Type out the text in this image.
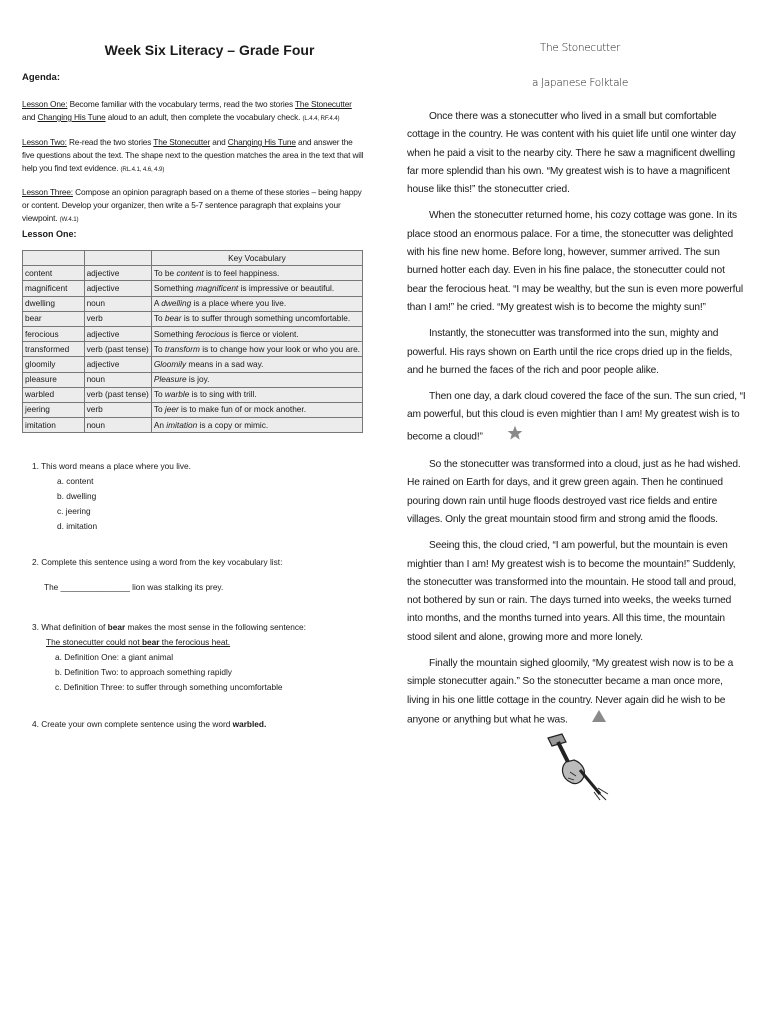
Week Six Literacy – Grade Four
Agenda:
Lesson One: Become familiar with the vocabulary terms, read the two stories The Stonecutter and Changing His Tune aloud to an adult, then complete the vocabulary check. (L.4.4, RF.4.4)
Lesson Two: Re-read the two stories The Stonecutter and Changing His Tune and answer the five questions about the text. The shape next to the question matches the area in the text that will help you find text evidence. (RL.4.1, 4.6, 4.9)
Lesson Three: Compose an opinion paragraph based on a theme of these stories – being happy or content. Develop your organizer, then write a 5-7 sentence paragraph that explains your viewpoint. (W.4.1)
Lesson One:
		Key Vocabulary
content	adjective	To be content is to feel happiness.
magnificent	adjective	Something magnificent is impressive or beautiful.
dwelling	noun	A dwelling is a place where you live.
bear	verb	To bear is to suffer through something uncomfortable.
ferocious	adjective	Something ferocious is fierce or violent.
transformed	verb (past tense)	To transform is to change how your look or who you are.
gloomily	adjective	Gloomily means in a sad way.
pleasure	noun	Pleasure is joy.
warbled	verb (past tense)	To warble is to sing with trill.
jeering	verb	To jeer is to make fun of or mock another.
imitation	noun	An imitation is a copy or mimic.
1. This word means a place where you live.
a. content
b. dwelling
c. jeering
d. imitation
2. Complete this sentence using a word from the key vocabulary list:
The _______________ lion was stalking its prey.
3. What definition of bear makes the most sense in the following sentence:
The stonecutter could not bear the ferocious heat.
a. Definition One: a giant animal
b. Definition Two: to approach something rapidly
c. Definition Three: to suffer through something uncomfortable
4. Create your own complete sentence using the word warbled.
The Stonecutter
a Japanese Folktale

Once there was a stonecutter who lived in a small but comfortable cottage in the country. He was content with his quiet life until one winter day when he paid a visit to the nearby city. There he saw a magnificent dwelling far more splendid than his own. “My greatest wish is to have a magnificent house like this!” the stonecutter cried.

When the stonecutter returned home, his cozy cottage was gone. In its place stood an enormous palace. For a time, the stonecutter was delighted with his fine new home. Before long, however, summer arrived. The sun burned hotter each day. Even in his fine palace, the stonecutter could not bear the ferocious heat. “I may be wealthy, but the sun is even more powerful than I am!” he cried. “My greatest wish is to become the mighty sun!”

Instantly, the stonecutter was transformed into the sun, mighty and powerful. His rays shown on Earth until the rice crops dried up in the fields, and he burned the faces of the rich and poor people alike.

Then one day, a dark cloud covered the face of the sun. The sun cried, “I am powerful, but this cloud is even mightier than I am! My greatest wish is to become a cloud!”

So the stonecutter was transformed into a cloud, just as he had wished. He rained on Earth for days, and it grew green again. Then he continued pouring down rain until huge floods destroyed vast rice fields and entire villages. Only the great mountain stood firm and strong amid the floods.

Seeing this, the cloud cried, “I am powerful, but the mountain is even mightier than I am! My greatest wish is to become the mountain!” Suddenly, the stonecutter was transformed into the mountain. He stood tall and proud, not bothered by sun or rain. The days turned into weeks, the weeks turned into months, and the months turned into years. All this time, the mountain stood silent and alone, growing more and more lonely.

Finally the mountain sighed gloomily, “My greatest wish now is to be a simple stonecutter again.” So the stonecutter became a man once more, living in his one little cottage in the country. Never again did he wish to be anyone or anything but what he was.
